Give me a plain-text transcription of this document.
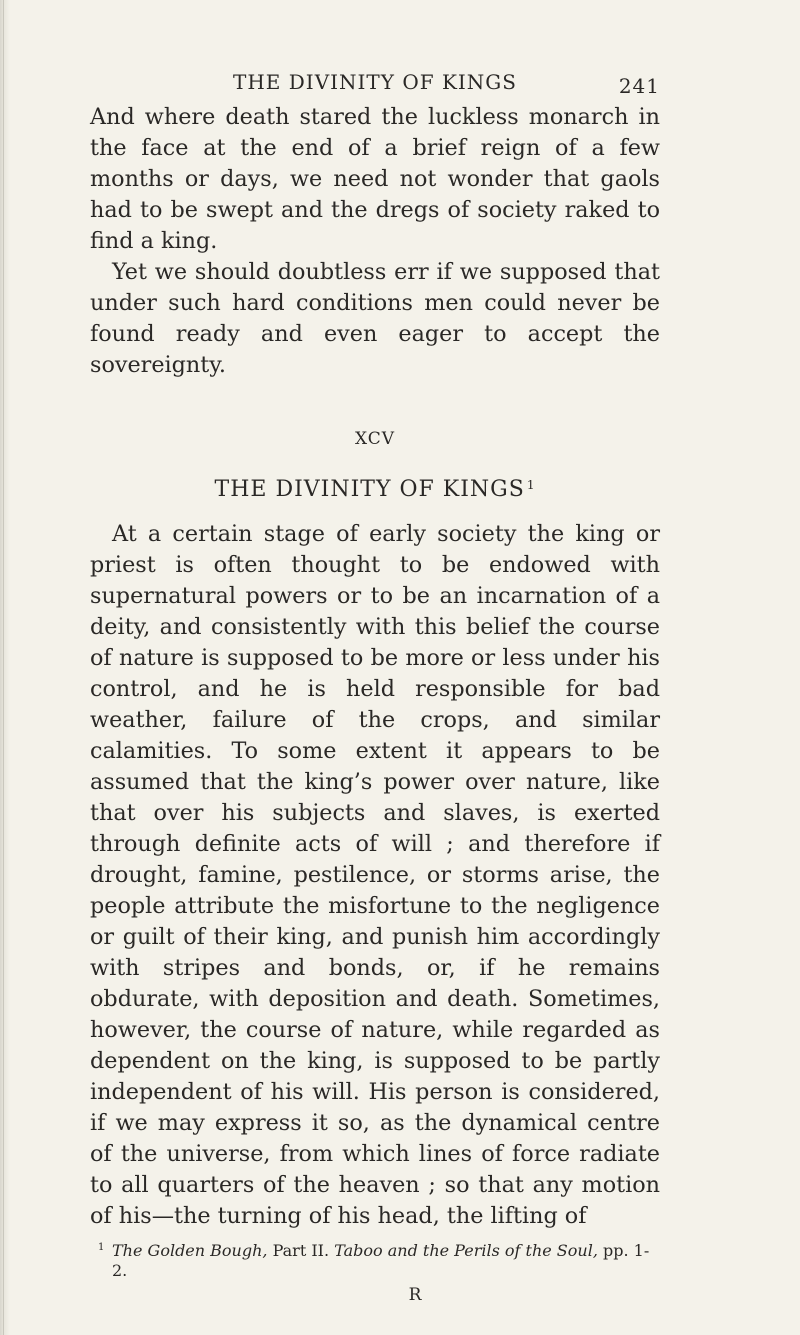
THE DIVINITY OF KINGS	241

And where death stared the luckless monarch in the face at the end of a brief reign of a few months or days, we need not wonder that gaols had to be swept and the dregs of society raked to find a king.

Yet we should doubtless err if we supposed that under such hard conditions men could never be found ready and even eager to accept the sovereignty.

XCV
THE DIVINITY OF KINGS $^1$

At a certain stage of early society the king or priest is often thought to be endowed with supernatural powers or to be an incarnation of a deity, and consistently with this belief the course of nature is supposed to be more or less under his control, and he is held responsible for bad weather, failure of the crops, and similar calamities. To some extent it appears to be assumed that the king’s power over nature, like that over his subjects and slaves, is exerted through definite acts of will ; and therefore if drought, famine, pestilence, or storms arise, the people attribute the misfortune to the negligence or guilt of their king, and punish him accordingly with stripes and bonds, or, if he remains obdurate, with deposition and death. Sometimes, however, the course of nature, while regarded as dependent on the king, is supposed to be partly independent of his will. His person is considered, if we may express it so, as the dynamical centre of the universe, from which lines of force radiate to all quarters of the heaven ; so that any motion of his—the turning of his head, the lifting of

1 The Golden Bough, Part II. Taboo and the Perils of the Soul, pp. 1-2.
R
